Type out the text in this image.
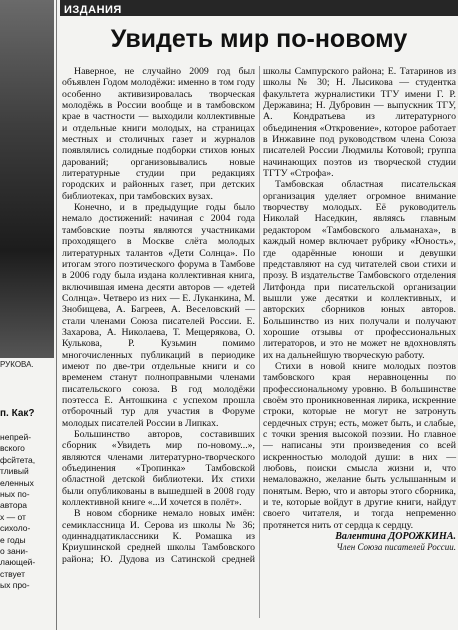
РУКОВА.
п. Как?
непрей-
вского
фсйтета,
тливый
еленных
ных по-
автора
х — от
сихоло-
е годы
о зани-
лающей-
ствует
ых про-
ИЗДАНИЯ
Увидеть мир по-новому

Наверное, не случайно 2009 год был объявлен Годом молодёжи: именно в том году особенно активизировалась творческая молодёжь в России вообще и в тамбовском крае в частности — выходили коллективные и отдельные книги молодых, на страницах местных и столичных газет и журналов появлялись солидные подборки стихов юных дарований; организовывались новые литературные студии при редакциях городских и районных газет, при детских библиотеках, при тамбовских вузах.

Конечно, и в предыдущие годы было немало достижений: начиная с 2004 года тамбовские поэты являются участниками проходящего в Москве слёта молодых литературных талантов «Дети Солнца». По итогам этого поэтического форума в Тамбове в 2006 году была издана коллективная книга, включившая имена десяти авторов — «детей Солнца». Четверо из них — Е. Луканкина, М. Знобищева, А. Багреев, А. Веселовский — стали членами Союза писателей России. Е. Захарова, А. Николаева, Т. Мещерякова, О. Кулькова, Р. Кузьмин помимо многочисленных публикаций в периодике имеют по две-три отдельные книги и со временем станут полноправными членами писательского союза. В год молодёжи поэтесса Е. Антошкина с успехом прошла отборочный тур для участия в Форуме молодых писателей России в Липках.

Большинство авторов, составивших сборник «Увидеть мир по-новому...», являются членами литературно-творческого объединения «Тропинка» Тамбовской областной детской библиотеки. Их стихи были опубликованы в вышедшей в 2008 году коллективной книге «...И хочется в полёт».

В новом сборнике немало новых имён: семиклассница И. Серова из школы № 36; одиннадцатиклассники К. Ромашка из Криушинской средней школы Тамбовского района; Ю. Дудова из Сатинской средней школы Сампурского района; Е. Татаринов из школы № 30; Н. Лысикова — студентка факультета журналистики ТГУ имени Г. Р. Державина; Н. Дубровин — выпускник ТГУ, А. Кондратьева из литературного объединения «Откровение», которое работает в Инжавине под руководством члена Союза писателей России Людмилы Котовой; группа начинающих поэтов из творческой студии ТГТУ «Строфа».

Тамбовская областная писательская организация уделяет огромное внимание творчеству молодых. Её руководитель Николай Наседкин, являясь главным редактором «Тамбовского альманаха», в каждый номер включает рубрику «Юность», где одарённые юноши и девушки представляют на суд читателей свои стихи и прозу. В издательстве Тамбовского отделения Литфонда при писательской организации вышли уже десятки и коллективных, и авторских сборников юных авторов. Большинство из них получали и получают хорошие отзывы от профессиональных литераторов, и это не может не вдохновлять их на дальнейшую творческую работу.

Стихи в новой книге молодых поэтов тамбовского края неравноценны по профессиональному уровню. В большинстве своём это проникновенная лирика, искренние строки, которые не могут не затронуть сердечных струн; есть, может быть, и слабые, с точки зрения высокой поэзии. Но главное — написаны эти произведения со всей искренностью молодой души: в них — любовь, поиски смысла жизни и, что немаловажно, желание быть услышанным и понятым. Верю, что и авторы этого сборника, и те, которые войдут в другие книги, найдут своего читателя, и тогда непременно протянется нить от сердца к сердцу.

Валентина ДОРОЖКИНА.

Член Союза писателей России.
